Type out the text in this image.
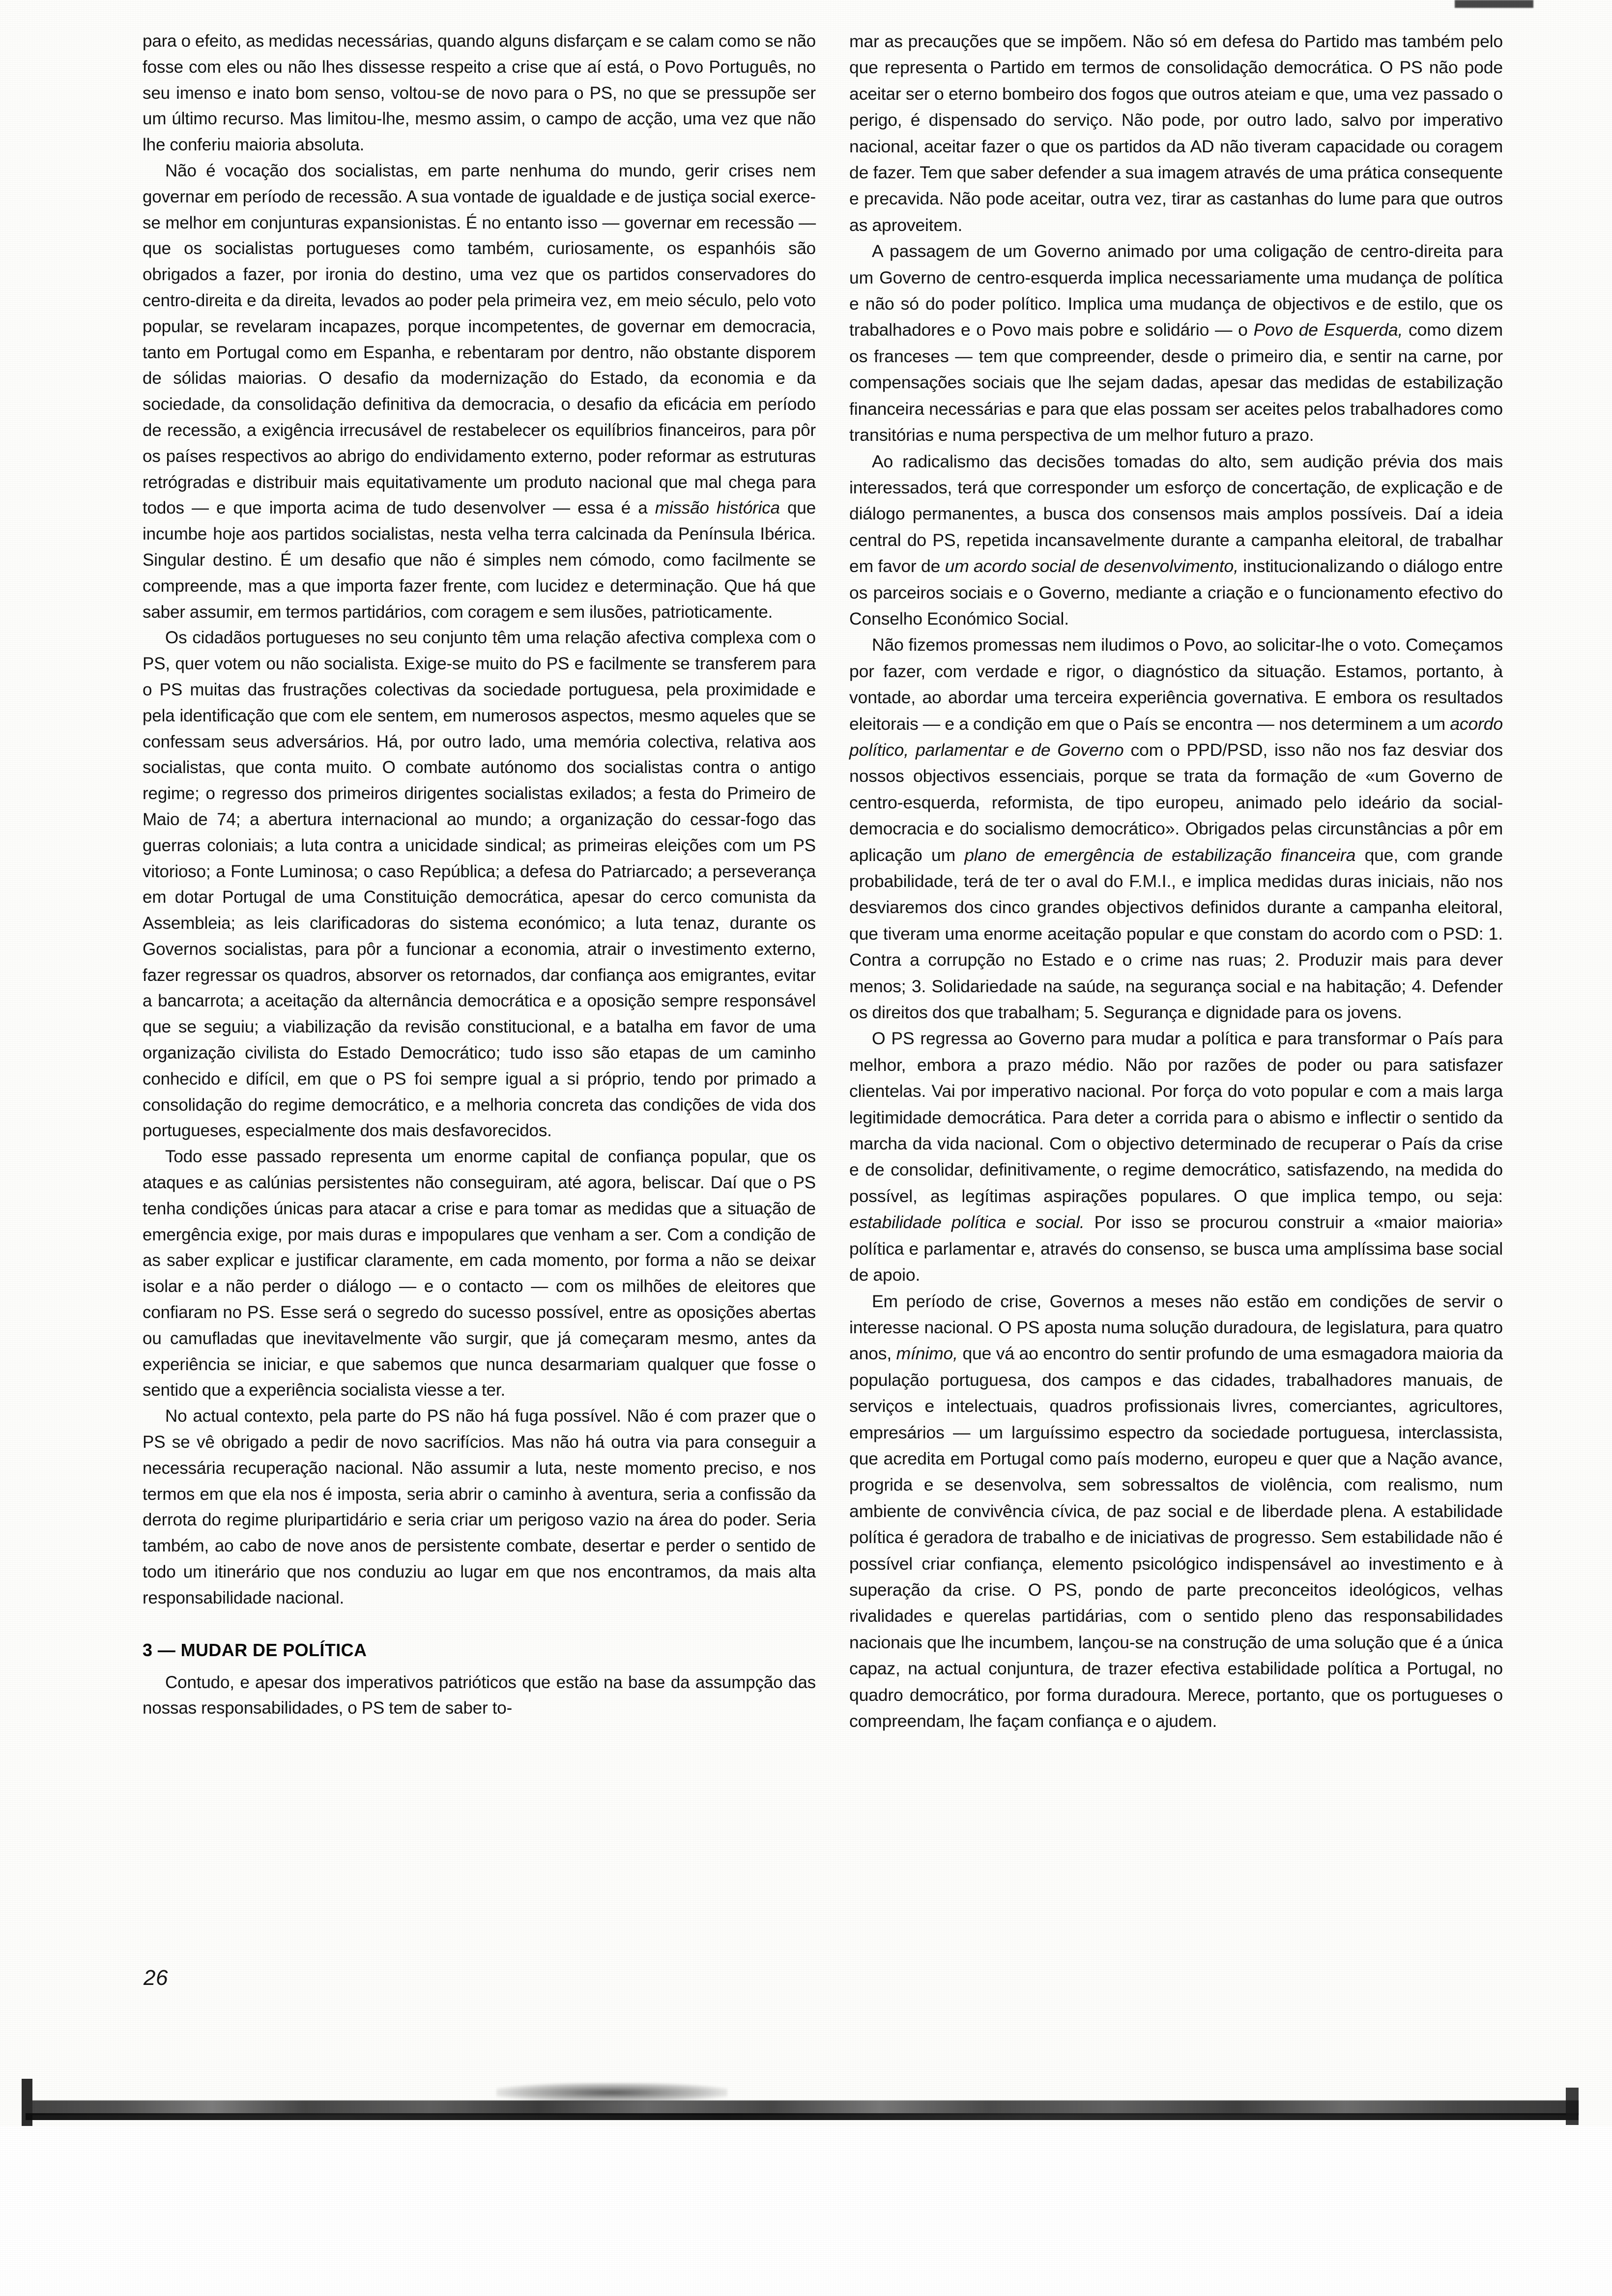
para o efeito, as medidas necessárias, quando alguns disfarçam e se calam como se não fosse com eles ou não lhes dissesse respeito a crise que aí está, o Povo Português, no seu imenso e inato bom senso, voltou-se de novo para o PS, no que se pressupõe ser um último recurso. Mas limitou-lhe, mesmo assim, o campo de acção, uma vez que não lhe conferiu maioria absoluta.

Não é vocação dos socialistas, em parte nenhuma do mundo, gerir crises nem governar em período de recessão. A sua vontade de igualdade e de justiça social exerce-se melhor em conjunturas expansionistas. É no entanto isso — governar em recessão — que os socialistas portugueses como também, curiosamente, os espanhóis são obrigados a fazer, por ironia do destino, uma vez que os partidos conservadores do centro-direita e da direita, levados ao poder pela primeira vez, em meio século, pelo voto popular, se revelaram incapazes, porque incompetentes, de governar em democracia, tanto em Portugal como em Espanha, e rebentaram por dentro, não obstante disporem de sólidas maiorias. O desafio da modernização do Estado, da economia e da sociedade, da consolidação definitiva da democracia, o desafio da eficácia em período de recessão, a exigência irrecusável de restabelecer os equilíbrios financeiros, para pôr os países respectivos ao abrigo do endividamento externo, poder reformar as estruturas retrógradas e distribuir mais equitativamente um produto nacional que mal chega para todos — e que importa acima de tudo desenvolver — essa é a missão histórica que incumbe hoje aos partidos socialistas, nesta velha terra calcinada da Península Ibérica. Singular destino. É um desafio que não é simples nem cómodo, como facilmente se compreende, mas a que importa fazer frente, com lucidez e determinação. Que há que saber assumir, em termos partidários, com coragem e sem ilusões, patrioticamente.

Os cidadãos portugueses no seu conjunto têm uma relação afectiva complexa com o PS, quer votem ou não socialista. Exige-se muito do PS e facilmente se transferem para o PS muitas das frustrações colectivas da sociedade portuguesa, pela proximidade e pela identificação que com ele sentem, em numerosos aspectos, mesmo aqueles que se confessam seus adversários. Há, por outro lado, uma memória colectiva, relativa aos socialistas, que conta muito. O combate autónomo dos socialistas contra o antigo regime; o regresso dos primeiros dirigentes socialistas exilados; a festa do Primeiro de Maio de 74; a abertura internacional ao mundo; a organização do cessar-fogo das guerras coloniais; a luta contra a unicidade sindical; as primeiras eleições com um PS vitorioso; a Fonte Luminosa; o caso República; a defesa do Patriarcado; a perseverança em dotar Portugal de uma Constituição democrática, apesar do cerco comunista da Assembleia; as leis clarificadoras do sistema económico; a luta tenaz, durante os Governos socialistas, para pôr a funcionar a economia, atrair o investimento externo, fazer regressar os quadros, absorver os retornados, dar confiança aos emigrantes, evitar a bancarrota; a aceitação da alternância democrática e a oposição sempre responsável que se seguiu; a viabilização da revisão constitucional, e a batalha em favor de uma organização civilista do Estado Democrático; tudo isso são etapas de um caminho conhecido e difícil, em que o PS foi sempre igual a si próprio, tendo por primado a consolidação do regime democrático, e a melhoria concreta das condições de vida dos portugueses, especialmente dos mais desfavorecidos.

Todo esse passado representa um enorme capital de confiança popular, que os ataques e as calúnias persistentes não conseguiram, até agora, beliscar. Daí que o PS tenha condições únicas para atacar a crise e para tomar as medidas que a situação de emergência exige, por mais duras e impopulares que venham a ser. Com a condição de as saber explicar e justificar claramente, em cada momento, por forma a não se deixar isolar e a não perder o diálogo — e o contacto — com os milhões de eleitores que confiaram no PS. Esse será o segredo do sucesso possível, entre as oposições abertas ou camufladas que inevitavelmente vão surgir, que já começaram mesmo, antes da experiência se iniciar, e que sabemos que nunca desarmariam qualquer que fosse o sentido que a experiência socialista viesse a ter.

No actual contexto, pela parte do PS não há fuga possível. Não é com prazer que o PS se vê obrigado a pedir de novo sacrifícios. Mas não há outra via para conseguir a necessária recuperação nacional. Não assumir a luta, neste momento preciso, e nos termos em que ela nos é imposta, seria abrir o caminho à aventura, seria a confissão da derrota do regime pluripartidário e seria criar um perigoso vazio na área do poder. Seria também, ao cabo de nove anos de persistente combate, desertar e perder o sentido de todo um itinerário que nos conduziu ao lugar em que nos encontramos, da mais alta responsabilidade nacional.

3 — MUDAR DE POLÍTICA

Contudo, e apesar dos imperativos patrióticos que estão na base da assumpção das nossas responsabilidades, o PS tem de saber to-

mar as precauções que se impõem. Não só em defesa do Partido mas também pelo que representa o Partido em termos de consolidação democrática. O PS não pode aceitar ser o eterno bombeiro dos fogos que outros ateiam e que, uma vez passado o perigo, é dispensado do serviço. Não pode, por outro lado, salvo por imperativo nacional, aceitar fazer o que os partidos da AD não tiveram capacidade ou coragem de fazer. Tem que saber defender a sua imagem através de uma prática consequente e precavida. Não pode aceitar, outra vez, tirar as castanhas do lume para que outros as aproveitem.

A passagem de um Governo animado por uma coligação de centro-direita para um Governo de centro-esquerda implica necessariamente uma mudança de política e não só do poder político. Implica uma mudança de objectivos e de estilo, que os trabalhadores e o Povo mais pobre e solidário — o Povo de Esquerda, como dizem os franceses — tem que compreender, desde o primeiro dia, e sentir na carne, por compensações sociais que lhe sejam dadas, apesar das medidas de estabilização financeira necessárias e para que elas possam ser aceites pelos trabalhadores como transitórias e numa perspectiva de um melhor futuro a prazo.

Ao radicalismo das decisões tomadas do alto, sem audição prévia dos mais interessados, terá que corresponder um esforço de concertação, de explicação e de diálogo permanentes, a busca dos consensos mais amplos possíveis. Daí a ideia central do PS, repetida incansavelmente durante a campanha eleitoral, de trabalhar em favor de um acordo social de desenvolvimento, institucionalizando o diálogo entre os parceiros sociais e o Governo, mediante a criação e o funcionamento efectivo do Conselho Económico Social.

Não fizemos promessas nem iludimos o Povo, ao solicitar-lhe o voto. Começamos por fazer, com verdade e rigor, o diagnóstico da situação. Estamos, portanto, à vontade, ao abordar uma terceira experiência governativa. E embora os resultados eleitorais — e a condição em que o País se encontra — nos determinem a um acordo político, parlamentar e de Governo com o PPD/PSD, isso não nos faz desviar dos nossos objectivos essenciais, porque se trata da formação de «um Governo de centro-esquerda, reformista, de tipo europeu, animado pelo ideário da social-democracia e do socialismo democrático». Obrigados pelas circunstâncias a pôr em aplicação um plano de emergência de estabilização financeira que, com grande probabilidade, terá de ter o aval do F.M.I., e implica medidas duras iniciais, não nos desviaremos dos cinco grandes objectivos definidos durante a campanha eleitoral, que tiveram uma enorme aceitação popular e que constam do acordo com o PSD: 1. Contra a corrupção no Estado e o crime nas ruas; 2. Produzir mais para dever menos; 3. Solidariedade na saúde, na segurança social e na habitação; 4. Defender os direitos dos que trabalham; 5. Segurança e dignidade para os jovens.

O PS regressa ao Governo para mudar a política e para transformar o País para melhor, embora a prazo médio. Não por razões de poder ou para satisfazer clientelas. Vai por imperativo nacional. Por força do voto popular e com a mais larga legitimidade democrática. Para deter a corrida para o abismo e inflectir o sentido da marcha da vida nacional. Com o objectivo determinado de recuperar o País da crise e de consolidar, definitivamente, o regime democrático, satisfazendo, na medida do possível, as legítimas aspirações populares. O que implica tempo, ou seja: estabilidade política e social. Por isso se procurou construir a «maior maioria» política e parlamentar e, através do consenso, se busca uma amplíssima base social de apoio.

Em período de crise, Governos a meses não estão em condições de servir o interesse nacional. O PS aposta numa solução duradoura, de legislatura, para quatro anos, mínimo, que vá ao encontro do sentir profundo de uma esmagadora maioria da população portuguesa, dos campos e das cidades, trabalhadores manuais, de serviços e intelectuais, quadros profissionais livres, comerciantes, agricultores, empresários — um larguíssimo espectro da sociedade portuguesa, interclassista, que acredita em Portugal como país moderno, europeu e quer que a Nação avance, progrida e se desenvolva, sem sobressaltos de violência, com realismo, num ambiente de convivência cívica, de paz social e de liberdade plena. A estabilidade política é geradora de trabalho e de iniciativas de progresso. Sem estabilidade não é possível criar confiança, elemento psicológico indispensável ao investimento e à superação da crise. O PS, pondo de parte preconceitos ideológicos, velhas rivalidades e querelas partidárias, com o sentido pleno das responsabilidades nacionais que lhe incumbem, lançou-se na construção de uma solução que é a única capaz, na actual conjuntura, de trazer efectiva estabilidade política a Portugal, no quadro democrático, por forma duradoura. Merece, portanto, que os portugueses o compreendam, lhe façam confiança e o ajudem.

26
